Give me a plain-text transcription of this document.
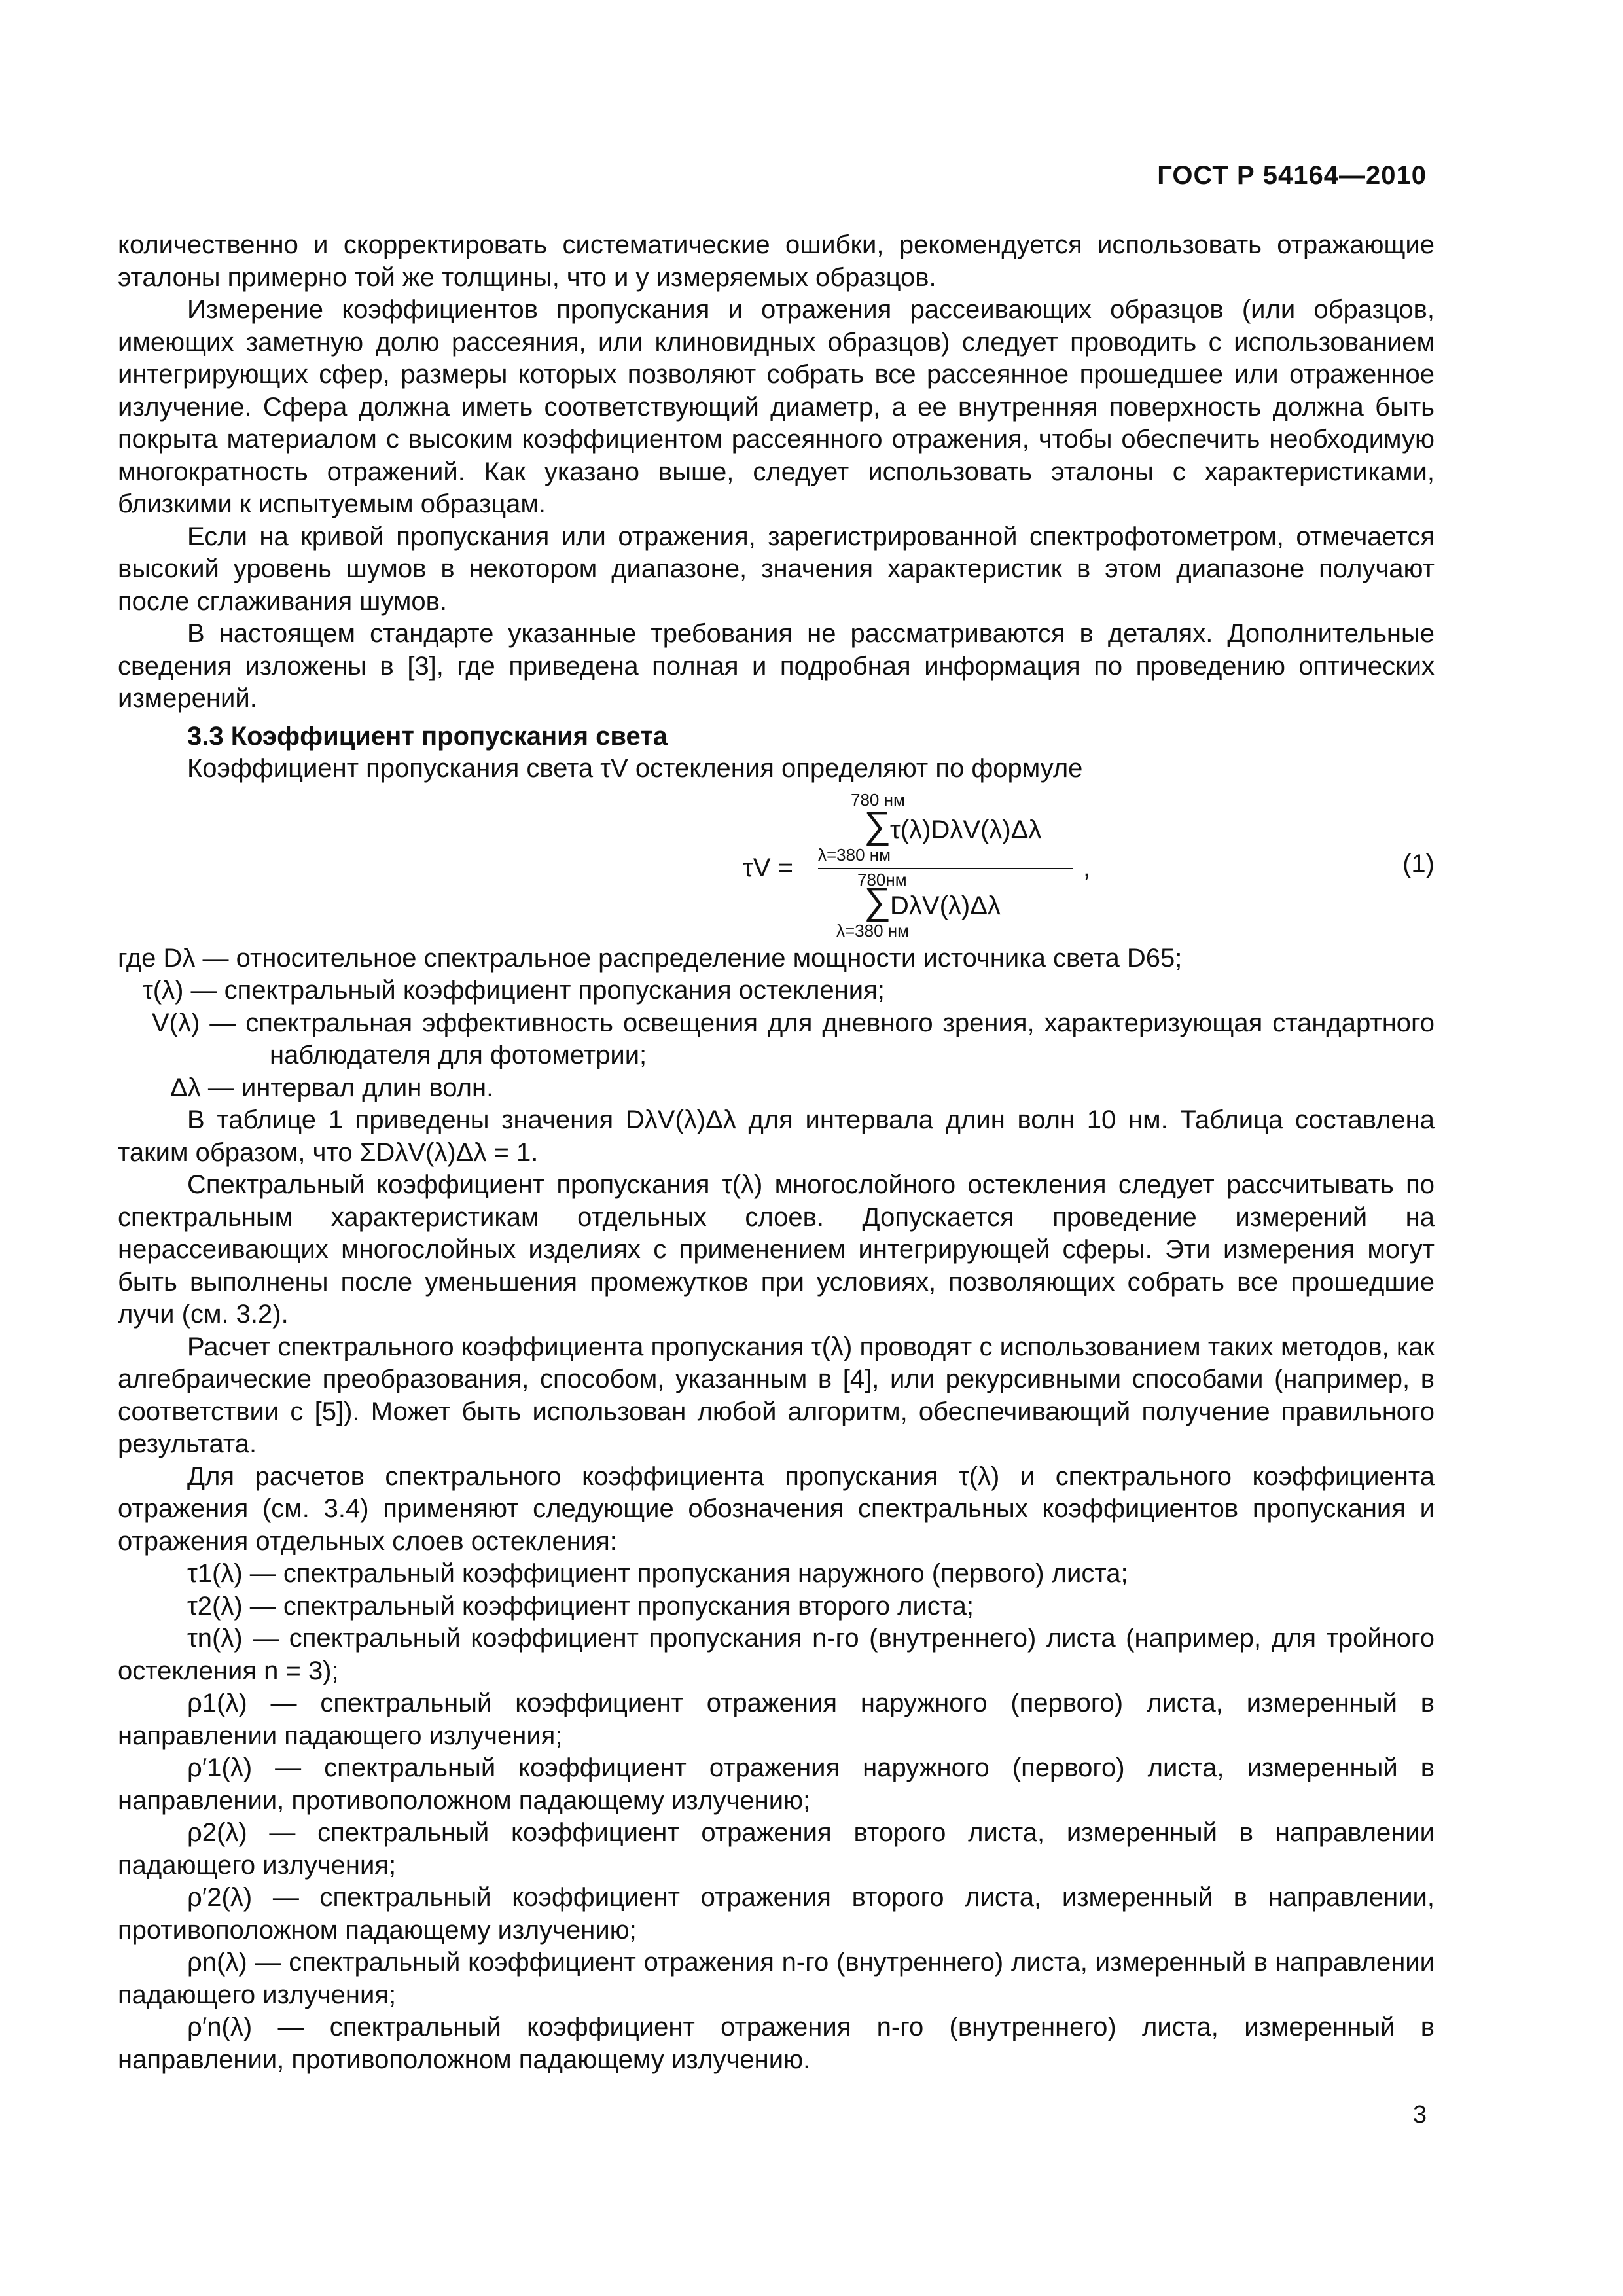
ГОСТ Р 54164—2010

количественно и скорректировать систематические ошибки, рекомендуется использовать отражающие эталоны примерно той же толщины, что и у измеряемых образцов.

Измерение коэффициентов пропускания и отражения рассеивающих образцов (или образцов, имеющих заметную долю рассеяния, или клиновидных образцов) следует проводить с использованием интегрирующих сфер, размеры которых позволяют собрать все рассеянное прошедшее или отраженное излучение. Сфера должна иметь соответствующий диаметр, а ее внутренняя поверхность должна быть покрыта материалом с высоким коэффициентом рассеянного отражения, чтобы обеспечить необходимую многократность отражений. Как указано выше, следует использовать эталоны с характеристиками, близкими к испытуемым образцам.

Если на кривой пропускания или отражения, зарегистрированной спектрофотометром, отмечается высокий уровень шумов в некотором диапазоне, значения характеристик в этом диапазоне получают после сглаживания шумов.

В настоящем стандарте указанные требования не рассматриваются в деталях. Дополнительные сведения изложены в [3], где приведена полная и подробная информация по проведению оптических измерений.

3.3 Коэффициент пропускания света

Коэффициент пропускания света τV остекления определяют по формуле

τV =
780 нм
∑
τ(λ)DλV(λ)Δλ
λ=380 нм
780нм
∑
DλV(λ)Δλ
λ=380 нм
,	(1)

где Dλ — относительное спектральное распределение мощности источника света D65;

τ(λ) — спектральный коэффициент пропускания остекления;

V(λ) — спектральная эффективность освещения для дневного зрения, характеризующая стандартного наблюдателя для фотометрии;

Δλ — интервал длин волн.

В таблице 1 приведены значения DλV(λ)Δλ для интервала длин волн 10 нм. Таблица составлена таким образом, что ΣDλV(λ)Δλ = 1.

Спектральный коэффициент пропускания τ(λ) многослойного остекления следует рассчитывать по спектральным характеристикам отдельных слоев. Допускается проведение измерений на нерассеивающих многослойных изделиях с применением интегрирующей сферы. Эти измерения могут быть выполнены после уменьшения промежутков при условиях, позволяющих собрать все прошедшие лучи (см. 3.2).

Расчет спектрального коэффициента пропускания τ(λ) проводят с использованием таких методов, как алгебраические преобразования, способом, указанным в [4], или рекурсивными способами (например, в соответствии с [5]). Может быть использован любой алгоритм, обеспечивающий получение правильного результата.

Для расчетов спектрального коэффициента пропускания τ(λ) и спектрального коэффициента отражения (см. 3.4) применяют следующие обозначения спектральных коэффициентов пропускания и отражения отдельных слоев остекления:

τ1(λ) — спектральный коэффициент пропускания наружного (первого) листа;

τ2(λ) — спектральный коэффициент пропускания второго листа;

τn(λ) — спектральный коэффициент пропускания n-го (внутреннего) листа (например, для тройного остекления n = 3);

ρ1(λ) — спектральный коэффициент отражения наружного (первого) листа, измеренный в направлении падающего излучения;

ρ′1(λ) — спектральный коэффициент отражения наружного (первого) листа, измеренный в направлении, противоположном падающему излучению;

ρ2(λ) — спектральный коэффициент отражения второго листа, измеренный в направлении падающего излучения;

ρ′2(λ) — спектральный коэффициент отражения второго листа, измеренный в направлении, противоположном падающему излучению;

ρn(λ) — спектральный коэффициент отражения n-го (внутреннего) листа, измеренный в направлении падающего излучения;

ρ′n(λ) — спектральный коэффициент отражения n-го (внутреннего) листа, измеренный в направлении, противоположном падающему излучению.

3
